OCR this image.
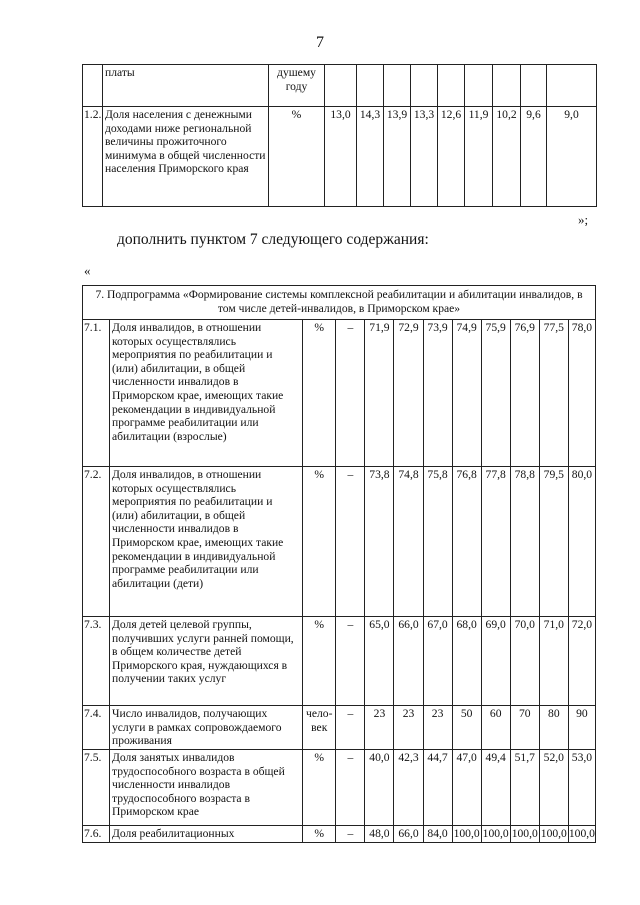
7
	платы	душему году									
1.2.	Доля населения с денежными доходами ниже региональной величины прожиточного минимума в общей численности населения Приморского края	%	13,0	14,3	13,9	13,3	12,6	11,9	10,2	9,6	9,0
»;
дополнить пунктом 7 следующего содержания:
«
7. Подпрограмма «Формирование системы комплексной реабилитации и абилитации инвалидов, в том числе детей-инвалидов, в Приморском крае»											
7.1.	Доля инвалидов, в отношении которых осуществлялись мероприятия по реабилитации и (или) абилитации, в общей численности инвалидов в Приморском крае, имеющих такие рекомендации в индивидуальной программе реабилитации или абилитации (взрослые)	%	–	71,9	72,9	73,9	74,9	75,9	76,9	77,5	78,0
7.2.	Доля инвалидов, в отношении которых осуществлялись мероприятия по реабилитации и (или) абилитации, в общей численности инвалидов в Приморском крае, имеющих такие рекомендации в индивидуальной программе реабилитации или абилитации (дети)	%	–	73,8	74,8	75,8	76,8	77,8	78,8	79,5	80,0
7.3.	Доля детей целевой группы, получивших услуги ранней помощи, в общем количестве детей Приморского края, нуждающихся в получении таких услуг	%	–	65,0	66,0	67,0	68,0	69,0	70,0	71,0	72,0
7.4.	Число инвалидов, получающих услуги в рамках сопровождаемого проживания	чело-век	–	23	23	23	50	60	70	80	90
7.5.	Доля занятых инвалидов трудоспособного возраста в общей численности инвалидов трудоспособного возраста в Приморском крае	%	–	40,0	42,3	44,7	47,0	49,4	51,7	52,0	53,0
7.6.	Доля реабилитационных	%	–	48,0	66,0	84,0	100,0	100,0	100,0	100,0	100,0
